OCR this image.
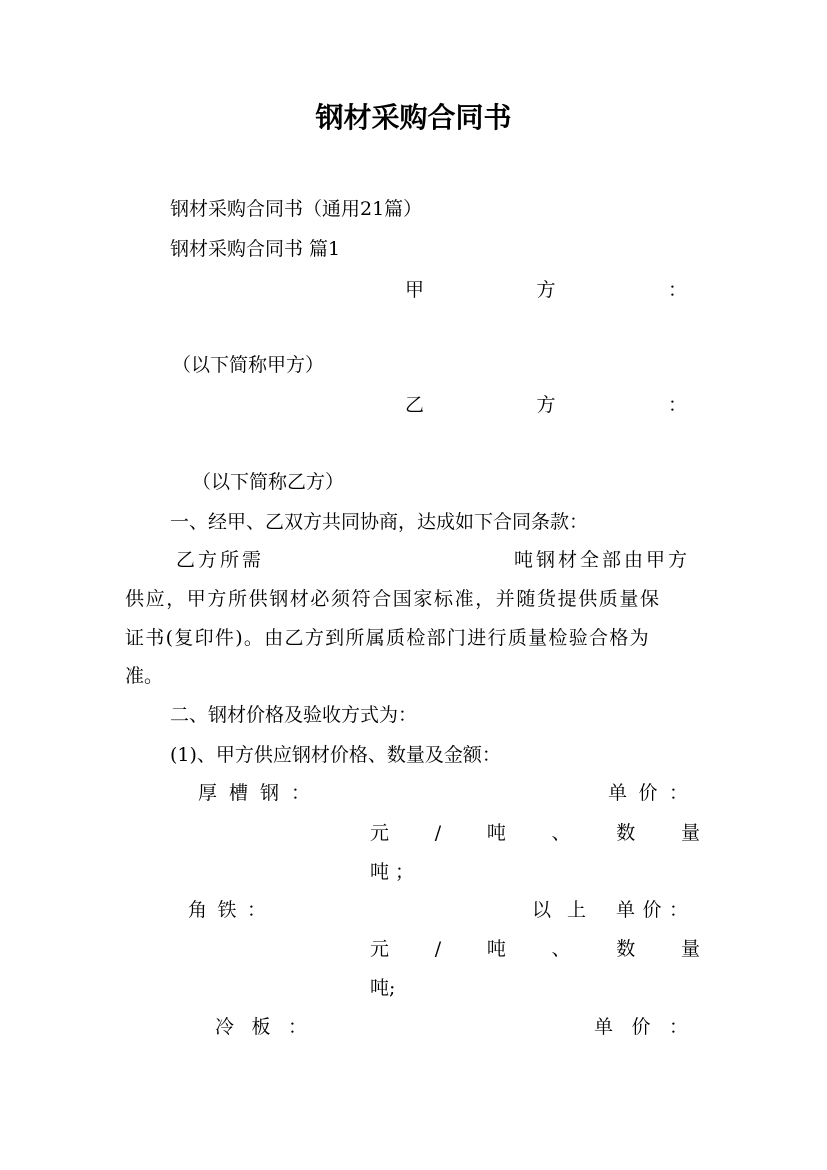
钢材采购合同书
钢材采购合同书（通用21篇）
钢材采购合同书 篇1
甲	方	：
（以下简称甲方）
乙	方	：
（以下简称乙方）
一、经甲、乙双方共同协商，达成如下合同条款：
乙方所需	吨钢材全部由甲方
供应，甲方所供钢材必须符合国家标准，并随货提供质量保
证书(复印件)。由乙方到所属质检部门进行质量检验合格为
准。
二、钢材价格及验收方式为：
(1)、甲方供应钢材价格、数量及金额：
厚 槽 钢 ：	单 价 ：
元 / 吨 、 数 量
吨 ；
角 铁 ：	以 上 单 价 ：
元 / 吨 、 数 量
吨;
冷 板 ：	单 价 ：
